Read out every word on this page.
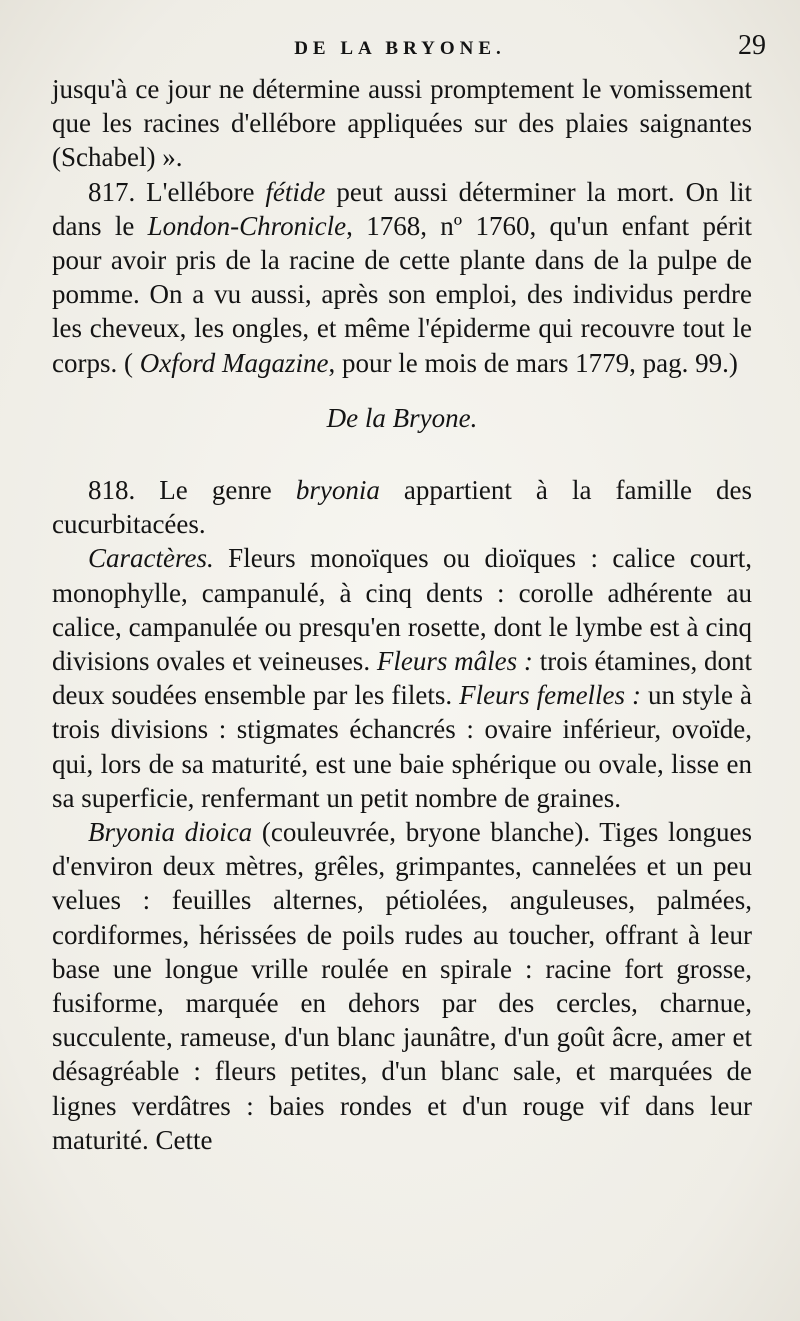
DE LA BRYONE.	29

jusqu'à ce jour ne détermine aussi promptement le vomissement que les racines d'ellébore appliquées sur des plaies saignantes (Schabel) ».

817. L'ellébore fétide peut aussi déterminer la mort. On lit dans le London-Chronicle, 1768, nº 1760, qu'un enfant périt pour avoir pris de la racine de cette plante dans de la pulpe de pomme. On a vu aussi, après son emploi, des individus perdre les cheveux, les ongles, et même l'épiderme qui recouvre tout le corps. ( Oxford Magazine, pour le mois de mars 1779, pag. 99.)

De la Bryone.

818. Le genre bryonia appartient à la famille des cucurbitacées.

Caractères. Fleurs monoïques ou dioïques : calice court, monophylle, campanulé, à cinq dents : corolle adhérente au calice, campanulée ou presqu'en rosette, dont le lymbe est à cinq divisions ovales et veineuses. Fleurs mâles : trois étamines, dont deux soudées ensemble par les filets. Fleurs femelles : un style à trois divisions : stigmates échancrés : ovaire inférieur, ovoïde, qui, lors de sa maturité, est une baie sphérique ou ovale, lisse en sa superficie, renfermant un petit nombre de graines.

Bryonia dioica (couleuvrée, bryone blanche). Tiges longues d'environ deux mètres, grêles, grimpantes, cannelées et un peu velues : feuilles alternes, pétiolées, anguleuses, palmées, cordiformes, hérissées de poils rudes au toucher, offrant à leur base une longue vrille roulée en spirale : racine fort grosse, fusiforme, marquée en dehors par des cercles, charnue, succulente, rameuse, d'un blanc jaunâtre, d'un goût âcre, amer et désagréable : fleurs petites, d'un blanc sale, et marquées de lignes verdâtres : baies rondes et d'un rouge vif dans leur maturité. Cette
